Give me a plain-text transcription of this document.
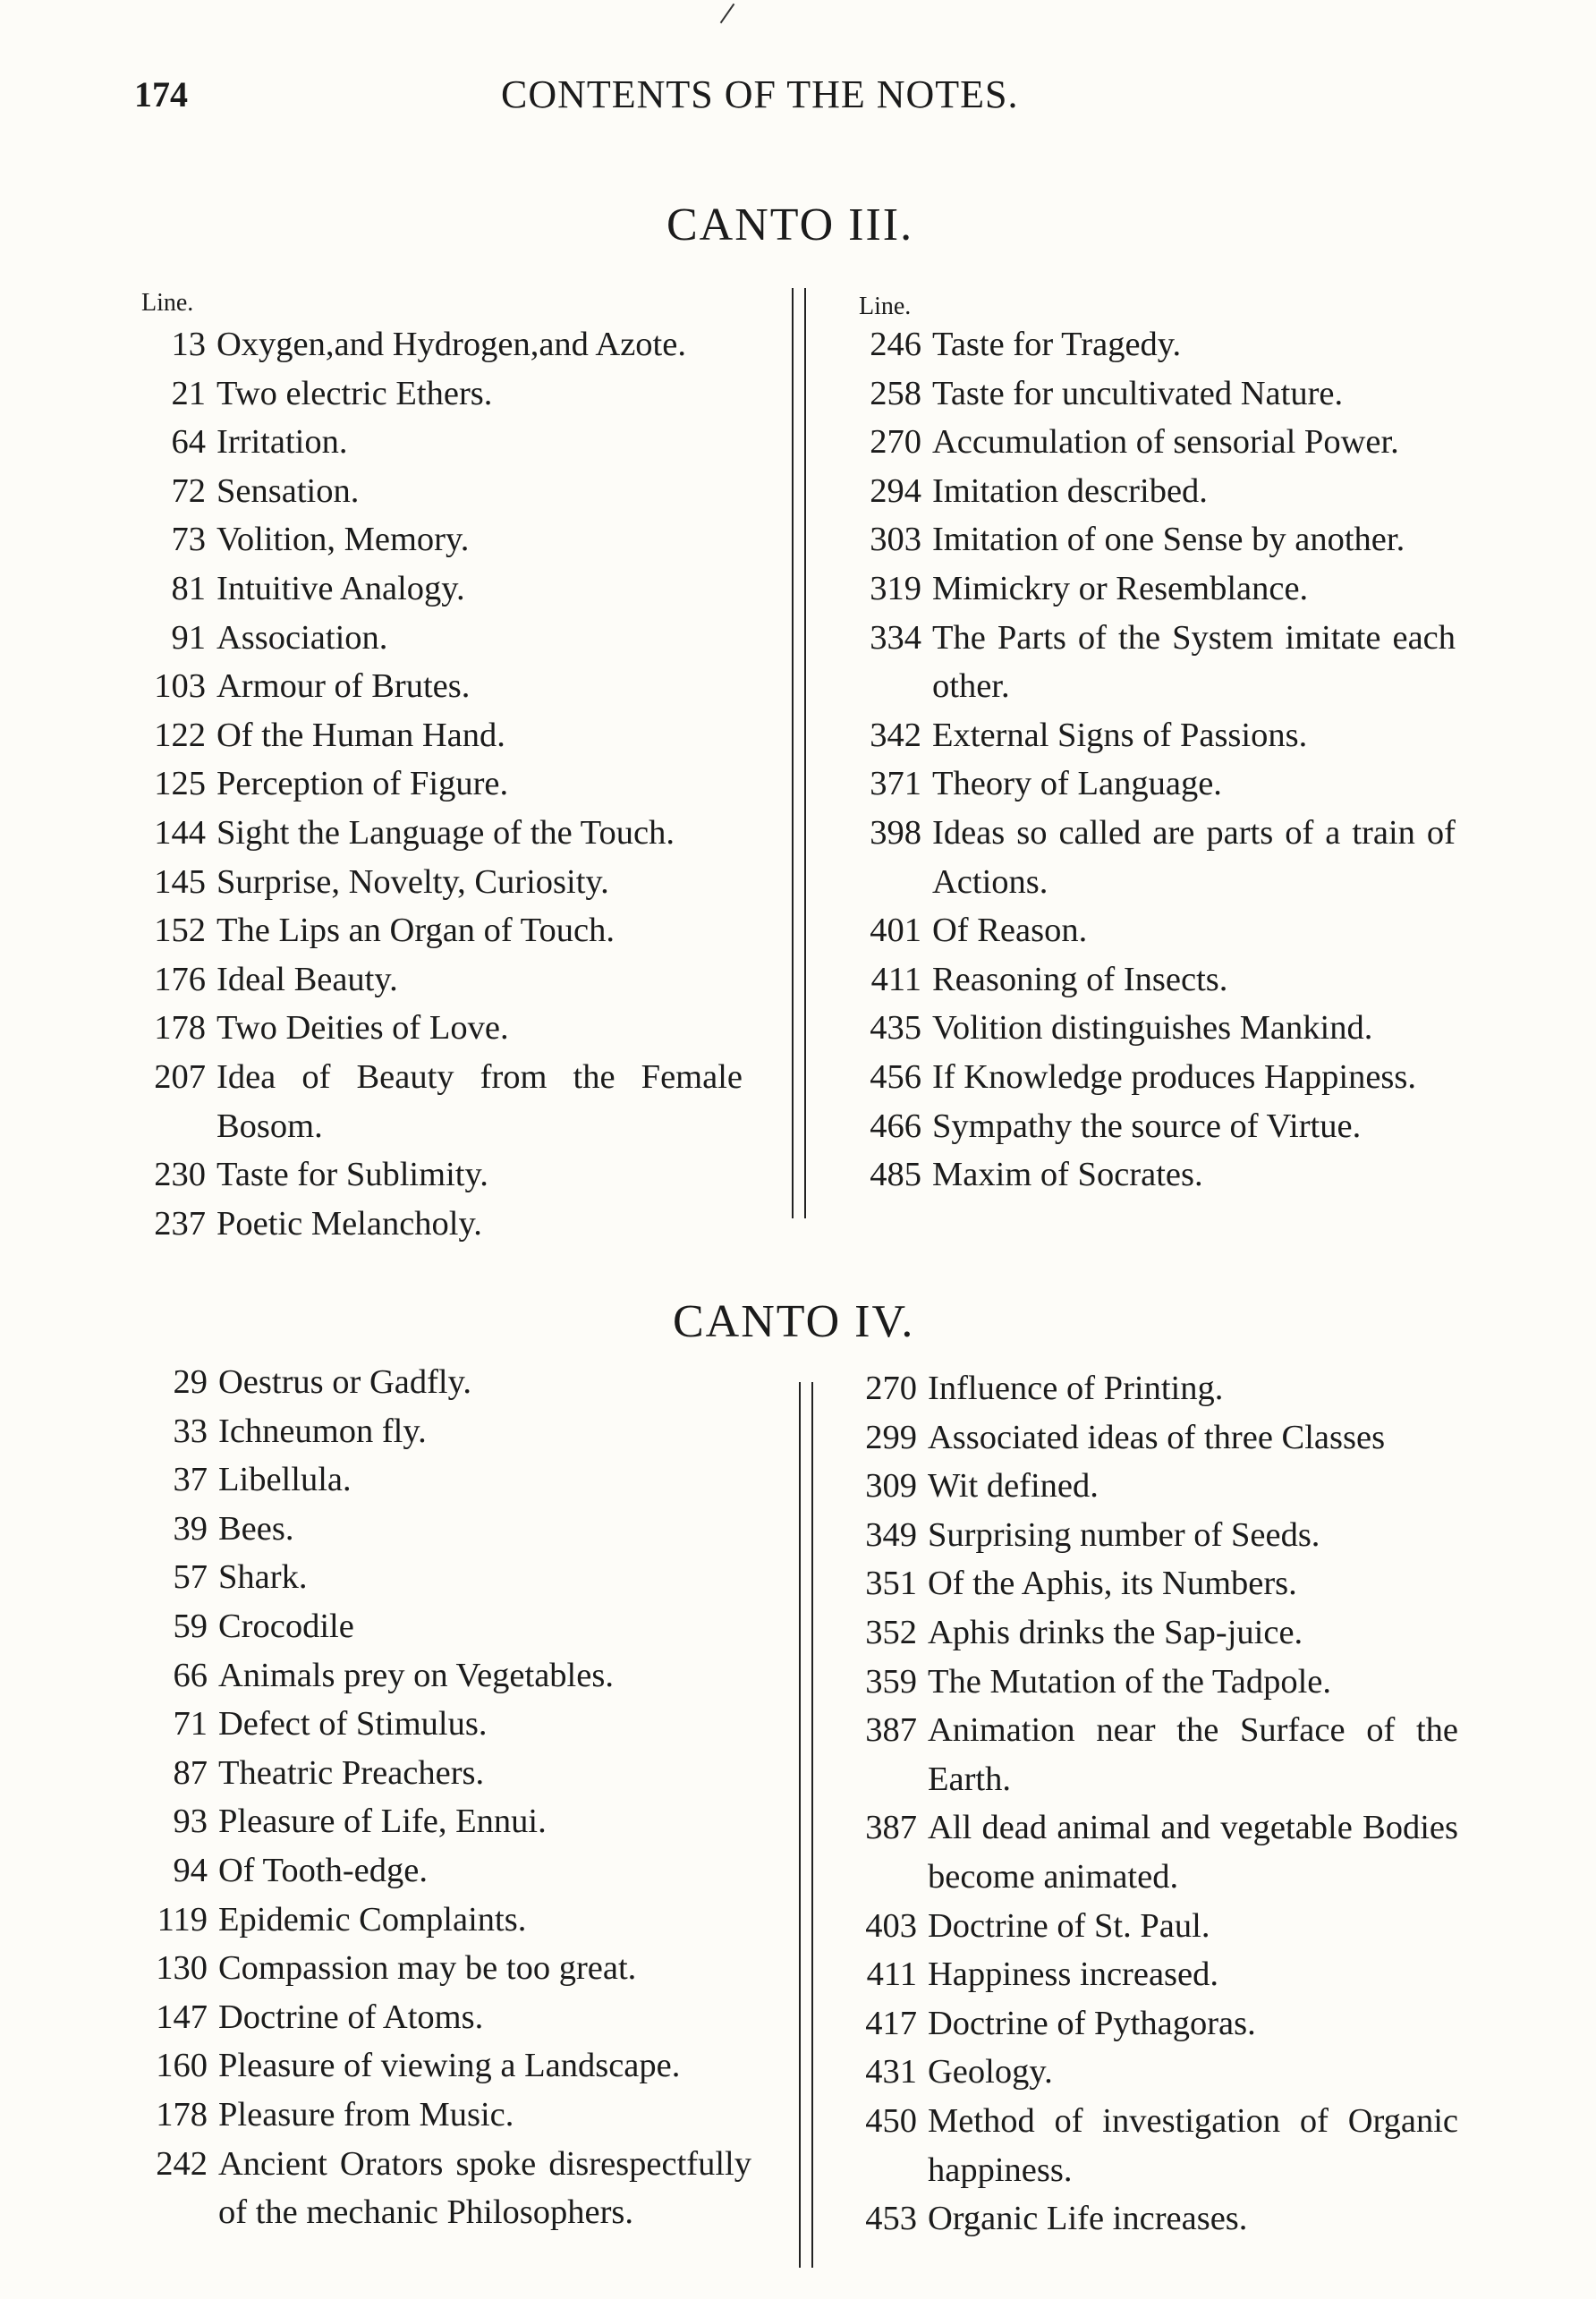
174	CONTENTS OF THE NOTES.
CANTO III.
Line.	Line.
13 Oxygen,and Hydrogen,and Azote.
21 Two electric Ethers.
64 Irritation.
72 Sensation.
73 Volition, Memory.
81 Intuitive Analogy.
91 Association.
103 Armour of Brutes.
122 Of the Human Hand.
125 Perception of Figure.
144 Sight the Language of the Touch.
145 Surprise, Novelty, Curiosity.
152 The Lips an Organ of Touch.
176 Ideal Beauty.
178 Two Deities of Love.
207 Idea of Beauty from the Female Bosom.
230 Taste for Sublimity.
237 Poetic Melancholy.
246 Taste for Tragedy.
258 Taste for uncultivated Nature.
270 Accumulation of sensorial Power.
294 Imitation described.
303 Imitation of one Sense by another.
319 Mimickry or Resemblance.
334 The Parts of the System imitate each other.
342 External Signs of Passions.
371 Theory of Language.
398 Ideas so called are parts of a train of Actions.
401 Of Reason.
411 Reasoning of Insects.
435 Volition distinguishes Mankind.
456 If Knowledge produces Happiness.
466 Sympathy the source of Virtue.
485 Maxim of Socrates.
CANTO IV.
29 Oestrus or Gadfly.
33 Ichneumon fly.
37 Libellula.
39 Bees.
57 Shark.
59 Crocodile
66 Animals prey on Vegetables.
71 Defect of Stimulus.
87 Theatric Preachers.
93 Pleasure of Life, Ennui.
94 Of Tooth-edge.
119 Epidemic Complaints.
130 Compassion may be too great.
147 Doctrine of Atoms.
160 Pleasure of viewing a Landscape.
178 Pleasure from Music.
242 Ancient Orators spoke disrespectfully of the mechanic Philosophers.
270 Influence of Printing.
299 Associated ideas of three Classes
309 Wit defined.
349 Surprising number of Seeds.
351 Of the Aphis, its Numbers.
352 Aphis drinks the Sap-juice.
359 The Mutation of the Tadpole.
387 Animation near the Surface of the Earth.
387 All dead animal and vegetable Bodies become animated.
403 Doctrine of St. Paul.
411 Happiness increased.
417 Doctrine of Pythagoras.
431 Geology.
450 Method of investigation of Organic happiness.
453 Organic Life increases.
